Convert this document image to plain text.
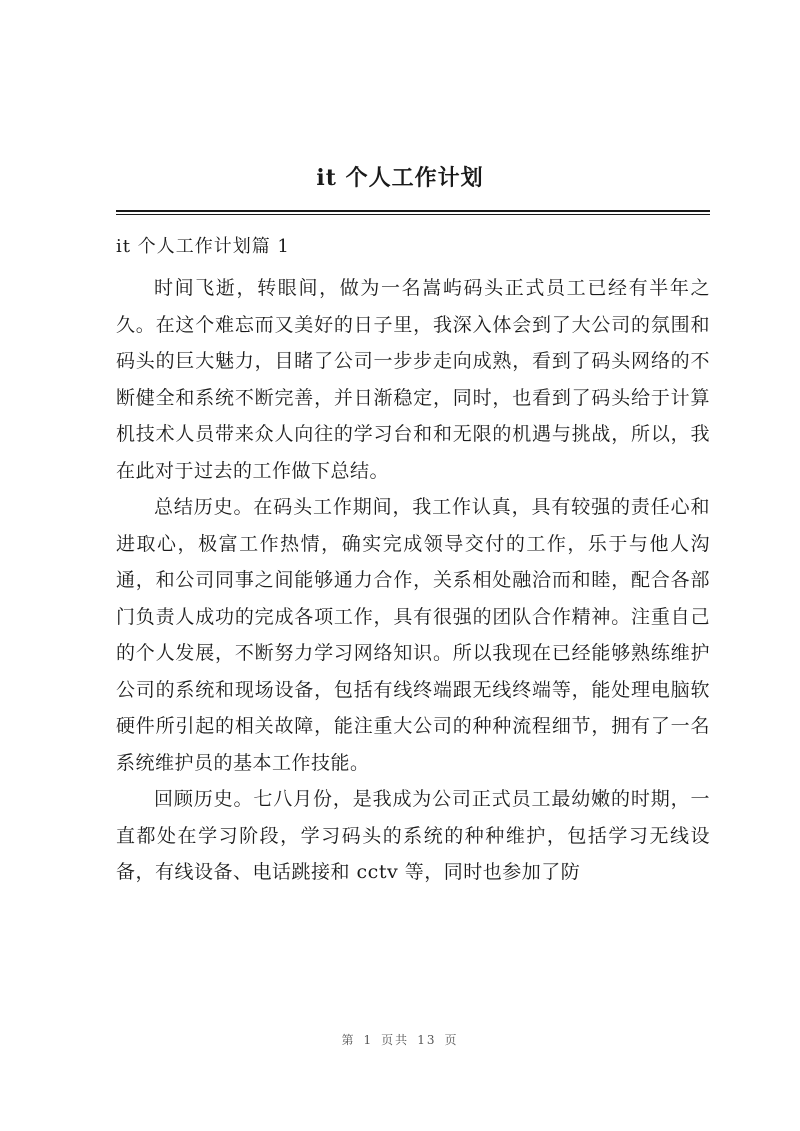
it 个人工作计划
it 个人工作计划篇 1

时间飞逝，转眼间，做为一名嵩屿码头正式员工已经有半年之久。在这个难忘而又美好的日子里，我深入体会到了大公司的氛围和码头的巨大魅力，目睹了公司一步步走向成熟，看到了码头网络的不断健全和系统不断完善，并日渐稳定，同时，也看到了码头给于计算机技术人员带来众人向往的学习台和和无限的机遇与挑战，所以，我在此对于过去的工作做下总结。

总结历史。在码头工作期间，我工作认真，具有较强的责任心和进取心，极富工作热情，确实完成领导交付的工作，乐于与他人沟通，和公司同事之间能够通力合作，关系相处融洽而和睦，配合各部门负责人成功的完成各项工作，具有很强的团队合作精神。注重自己的个人发展，不断努力学习网络知识。所以我现在已经能够熟练维护公司的系统和现场设备，包括有线终端跟无线终端等，能处理电脑软硬件所引起的相关故障，能注重大公司的种种流程细节，拥有了一名系统维护员的基本工作技能。

回顾历史。七八月份，是我成为公司正式员工最幼嫩的时期，一直都处在学习阶段，学习码头的系统的种种维护，包括学习无线设备，有线设备、电话跳接和 cctv 等，同时也参加了防

第 1 页共 13 页
